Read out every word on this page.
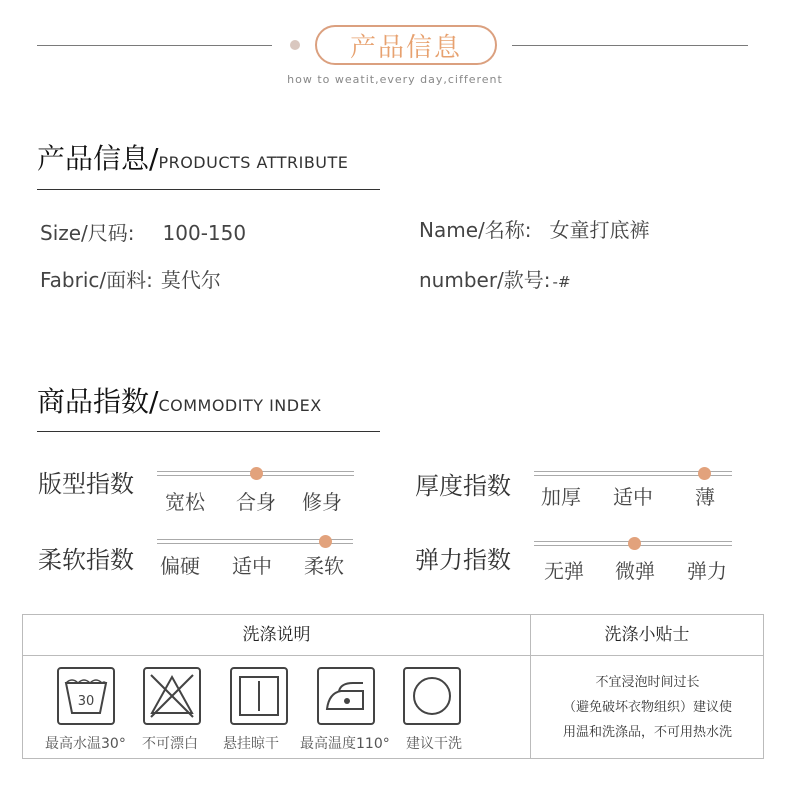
产品信息
how to weatit,every day,cifferent
产品信息/PRODUCTS ATTRIBUTE
Size/尺码: 100-150	Name/名称: 女童打底裤
Fabric/面料: 莫代尔	number/款号: -#
商品指数/COMMODITY INDEX
版型指数
宽松 合身 修身
厚度指数 加厚 适中 薄
柔软指数 偏硬 适中 柔软	弹力指数 无弹 微弹 弹力
洗涤说明	洗涤小贴士
30
最高水温30° 不可漂白 悬挂晾干 最高温度110° 建议干洗
不宜浸泡时间过长
（避免破坏衣物组织）建议使
用温和洗涤品，不可用热水洗
